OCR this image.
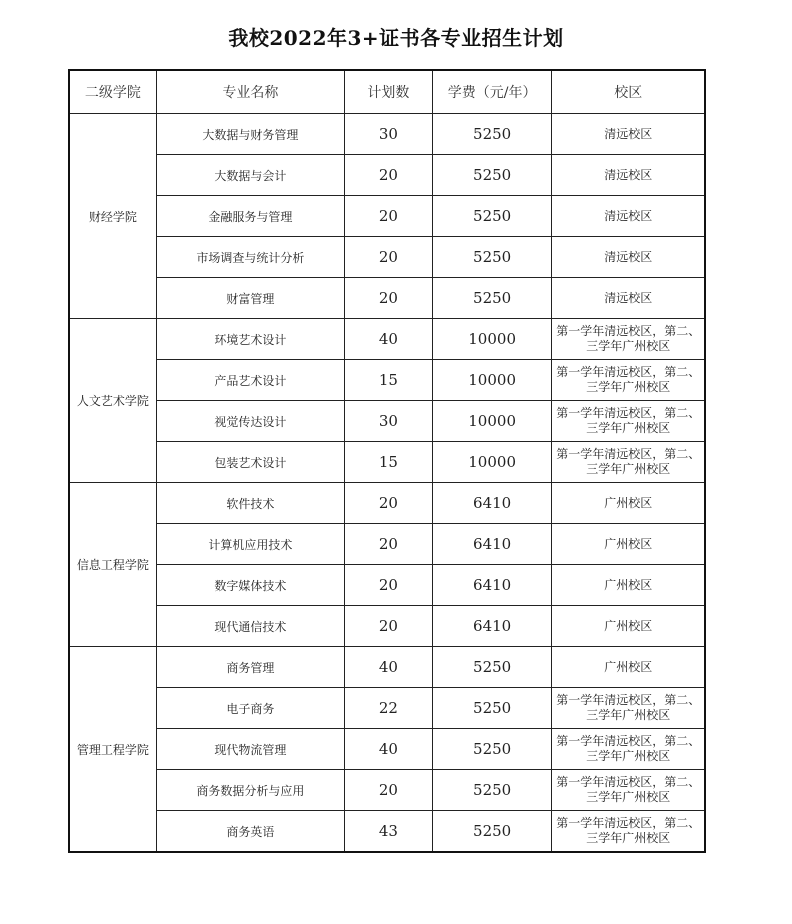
我校2022年3+证书各专业招生计划
二级学院	专业名称	计划数	学费（元/年）	校区
财经学院	大数据与财务管理	30	5250	清远校区
	大数据与会计	20	5250	清远校区
	金融服务与管理	20	5250	清远校区
	市场调查与统计分析	20	5250	清远校区
	财富管理	20	5250	清远校区
人文艺术学院	环境艺术设计	40	10000	第一学年清远校区，第二、三学年广州校区
	产品艺术设计	15	10000	第一学年清远校区，第二、三学年广州校区
	视觉传达设计	30	10000	第一学年清远校区，第二、三学年广州校区
	包装艺术设计	15	10000	第一学年清远校区，第二、三学年广州校区
信息工程学院	软件技术	20	6410	广州校区
	计算机应用技术	20	6410	广州校区
	数字媒体技术	20	6410	广州校区
	现代通信技术	20	6410	广州校区
管理工程学院	商务管理	40	5250	广州校区
	电子商务	22	5250	第一学年清远校区，第二、三学年广州校区
	现代物流管理	40	5250	第一学年清远校区，第二、三学年广州校区
	商务数据分析与应用	20	5250	第一学年清远校区，第二、三学年广州校区
	商务英语	43	5250	第一学年清远校区，第二、三学年广州校区
